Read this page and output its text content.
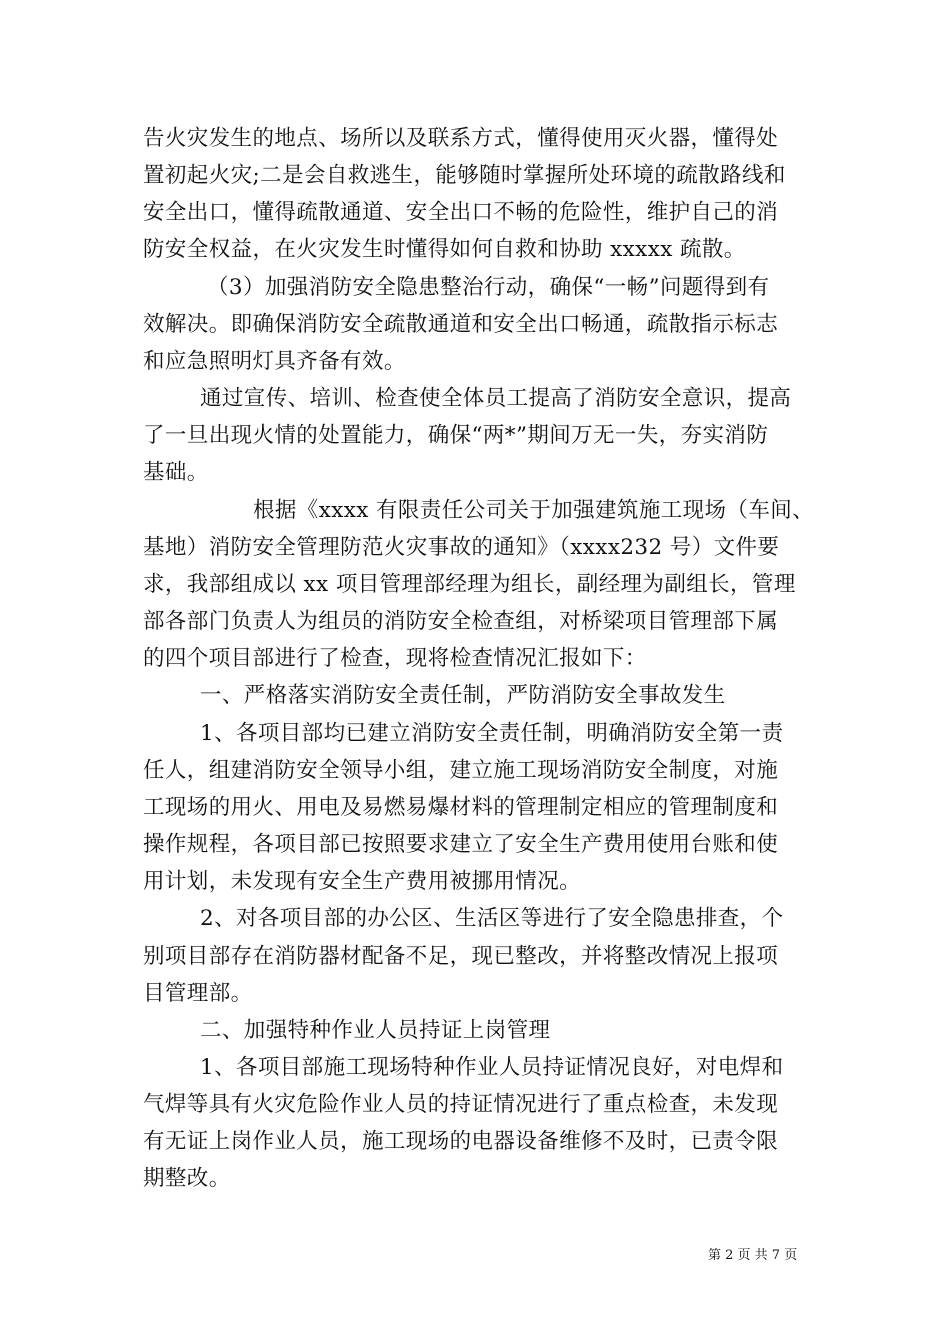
告火灾发生的地点、场所以及联系方式，懂得使用灭火器，懂得处
置初起火灾;二是会自救逃生，能够随时掌握所处环境的疏散路线和
安全出口，懂得疏散通道、安全出口不畅的危险性，维护自己的消
防安全权益，在火灾发生时懂得如何自救和协助 xxxxx 疏散。
（3）加强消防安全隐患整治行动，确保“一畅”问题得到有
效解决。即确保消防安全疏散通道和安全出口畅通，疏散指示标志
和应急照明灯具齐备有效。
通过宣传、培训、检查使全体员工提高了消防安全意识，提高
了一旦出现火情的处置能力，确保“两*”期间万无一失，夯实消防
基础。
根据《xxxx 有限责任公司关于加强建筑施工现场（车间、
基地）消防安全管理防范火灾事故的通知》（xxxx232 号）文件要
求，我部组成以 xx 项目管理部经理为组长，副经理为副组长，管理
部各部门负责人为组员的消防安全检查组，对桥梁项目管理部下属
的四个项目部进行了检查，现将检查情况汇报如下：
一、严格落实消防安全责任制，严防消防安全事故发生
1、各项目部均已建立消防安全责任制，明确消防安全第一责
任人，组建消防安全领导小组，建立施工现场消防安全制度，对施
工现场的用火、用电及易燃易爆材料的管理制定相应的管理制度和
操作规程，各项目部已按照要求建立了安全生产费用使用台账和使
用计划，未发现有安全生产费用被挪用情况。
2、对各项目部的办公区、生活区等进行了安全隐患排查，个
别项目部存在消防器材配备不足，现已整改，并将整改情况上报项
目管理部。
二、加强特种作业人员持证上岗管理
1、各项目部施工现场特种作业人员持证情况良好，对电焊和
气焊等具有火灾危险作业人员的持证情况进行了重点检查，未发现
有无证上岗作业人员，施工现场的电器设备维修不及时，已责令限
期整改。
第 2 页 共 7 页
